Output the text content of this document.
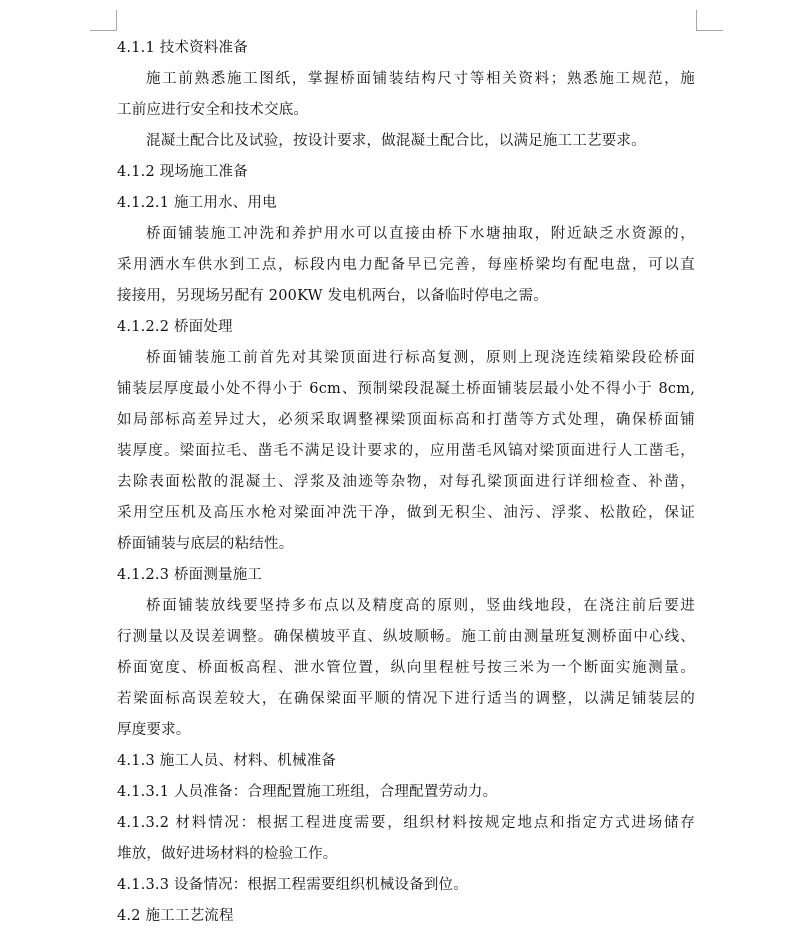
4.1.1 技术资料准备
施工前熟悉施工图纸，掌握桥面铺装结构尺寸等相关资料；熟悉施工规范，施
工前应进行安全和技术交底。
混凝土配合比及试验，按设计要求，做混凝土配合比，以满足施工工艺要求。
4.1.2 现场施工准备
4.1.2.1 施工用水、用电
桥面铺装施工冲洗和养护用水可以直接由桥下水塘抽取，附近缺乏水资源的，
采用洒水车供水到工点，标段内电力配备早已完善，每座桥梁均有配电盘，可以直
接接用，另现场另配有 200KW 发电机两台，以备临时停电之需。
4.1.2.2 桥面处理
桥面铺装施工前首先对其梁顶面进行标高复测，原则上现浇连续箱梁段砼桥面
铺装层厚度最小处不得小于 6cm、预制梁段混凝土桥面铺装层最小处不得小于 8cm,
如局部标高差异过大，必须采取调整裸梁顶面标高和打凿等方式处理，确保桥面铺
装厚度。梁面拉毛、凿毛不满足设计要求的，应用凿毛风镐对梁顶面进行人工凿毛，
去除表面松散的混凝土、浮浆及油迹等杂物，对每孔梁顶面进行详细检查、补凿，
采用空压机及高压水枪对梁面冲洗干净，做到无积尘、油污、浮浆、松散砼，保证
桥面铺装与底层的粘结性。
4.1.2.3 桥面测量施工
桥面铺装放线要坚持多布点以及精度高的原则，竖曲线地段，在浇注前后要进
行测量以及误差调整。确保横坡平直、纵坡顺畅。施工前由测量班复测桥面中心线、
桥面宽度、桥面板高程、泄水管位置，纵向里程桩号按三米为一个断面实施测量。
若梁面标高误差较大，在确保梁面平顺的情况下进行适当的调整，以满足铺装层的
厚度要求。
4.1.3 施工人员、材料、机械准备
4.1.3.1 人员准备：合理配置施工班组，合理配置劳动力。
4.1.3.2 材料情况：根据工程进度需要，组织材料按规定地点和指定方式进场储存
堆放，做好进场材料的检验工作。
4.1.3.3 设备情况：根据工程需要组织机械设备到位。
4.2 施工工艺流程
